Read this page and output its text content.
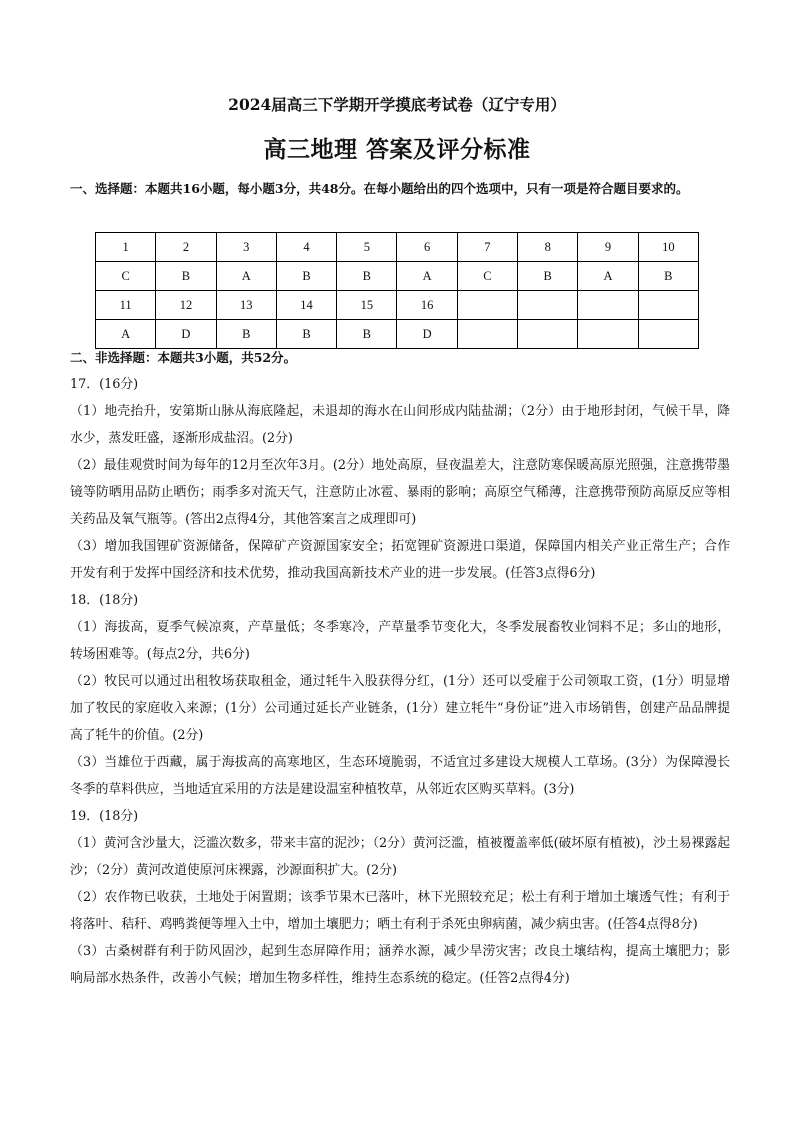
2024届高三下学期开学摸底考试卷（辽宁专用）
高三地理 答案及评分标准
一、选择题：本题共16小题，每小题3分，共48分。在每小题给出的四个选项中，只有一项是符合题目要求的。
1	2	3	4	5	6	7	8	9	10
C	B	A	B	B	A	C	B	A	B
11	12	13	14	15	16				
A	D	B	B	B	D				
二、非选择题：本题共3小题，共52分。

17．(16分)

（1）地壳抬升，安第斯山脉从海底隆起，未退却的海水在山间形成内陆盐湖；（2分）由于地形封闭，气候干旱，降水少，蒸发旺盛，逐渐形成盐沼。(2分)

（2）最佳观赏时间为每年的12月至次年3月。(2分）地处高原，昼夜温差大，注意防寒保暖高原光照强，注意携带墨镜等防晒用品防止晒伤；雨季多对流天气，注意防止冰雹、暴雨的影响；高原空气稀薄，注意携带预防高原反应等相关药品及氧气瓶等。(答出2点得4分，其他答案言之成理即可)

（3）增加我国锂矿资源储备，保障矿产资源国家安全；拓宽锂矿资源进口渠道，保障国内相关产业正常生产；合作开发有利于发挥中国经济和技术优势，推动我国高新技术产业的进一步发展。(任答3点得6分)

18．(18分)

（1）海拔高，夏季气候凉爽，产草量低；冬季寒冷，产草量季节变化大，冬季发展畜牧业饲料不足；多山的地形，转场困难等。(每点2分，共6分)

（2）牧民可以通过出租牧场获取租金，通过牦牛入股获得分红，(1分）还可以受雇于公司领取工资，(1分）明显增加了牧民的家庭收入来源；(1分）公司通过延长产业链条，(1分）建立牦牛“身份证”进入市场销售，创建产品品牌提高了牦牛的价值。(2分)

（3）当雄位于西藏，属于海拔高的高寒地区，生态环境脆弱，不适宜过多建设大规模人工草场。(3分）为保障漫长冬季的草料供应，当地适宜采用的方法是建设温室种植牧草，从邻近农区购买草料。(3分)

19．(18分)

（1）黄河含沙量大，泛滥次数多，带来丰富的泥沙；（2分）黄河泛滥，植被覆盖率低(破坏原有植被)，沙土易裸露起沙；（2分）黄河改道使原河床裸露，沙源面积扩大。(2分)

（2）农作物已收获，土地处于闲置期；该季节果木已落叶，林下光照较充足；松土有利于增加土壤透气性；有利于将落叶、秸秆、鸡鸭粪便等埋入土中，增加土壤肥力；晒土有利于杀死虫卵病菌，减少病虫害。(任答4点得8分)

（3）古桑树群有利于防风固沙，起到生态屏障作用；涵养水源，减少旱涝灾害；改良土壤结构，提高土壤肥力；影响局部水热条件，改善小气候；增加生物多样性，维持生态系统的稳定。(任答2点得4分)
